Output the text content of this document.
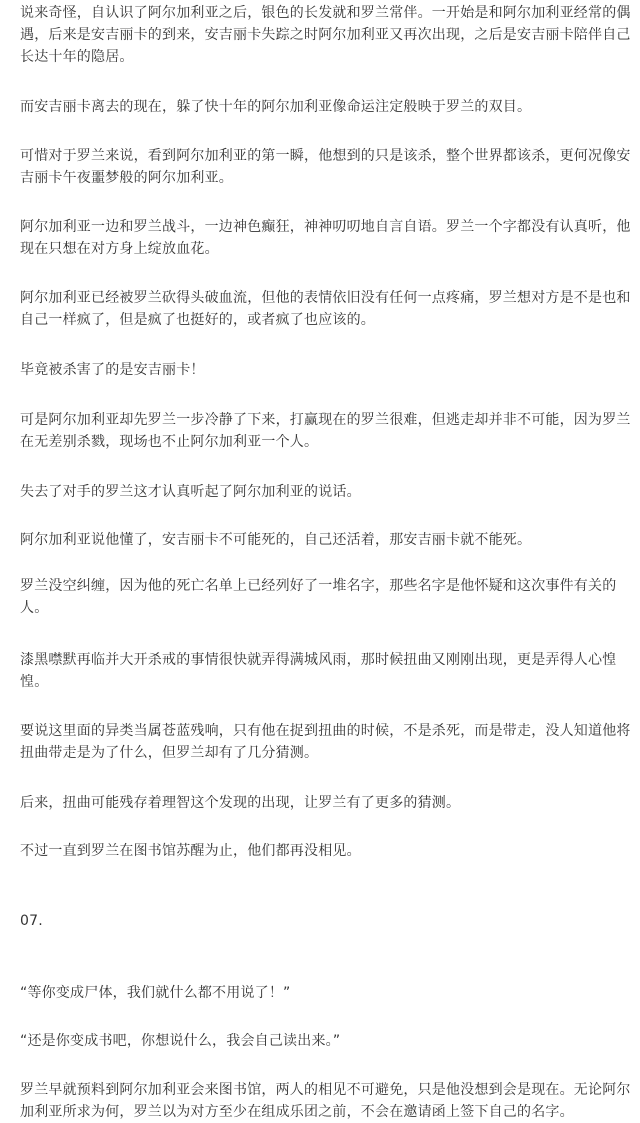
说来奇怪，自认识了阿尔加利亚之后，银色的长发就和罗兰常伴。一开始是和阿尔加利亚经常的偶遇，后来是安吉丽卡的到来，安吉丽卡失踪之时阿尔加利亚又再次出现，之后是安吉丽卡陪伴自己长达十年的隐居。

而安吉丽卡离去的现在，躲了快十年的阿尔加利亚像命运注定般映于罗兰的双目。

可惜对于罗兰来说，看到阿尔加利亚的第一瞬，他想到的只是该杀，整个世界都该杀，更何况像安吉丽卡午夜噩梦般的阿尔加利亚。

阿尔加利亚一边和罗兰战斗，一边神色癫狂，神神叨叨地自言自语。罗兰一个字都没有认真听，他现在只想在对方身上绽放血花。

阿尔加利亚已经被罗兰砍得头破血流，但他的表情依旧没有任何一点疼痛，罗兰想对方是不是也和自己一样疯了，但是疯了也挺好的，或者疯了也应该的。

毕竟被杀害了的是安吉丽卡！

可是阿尔加利亚却先罗兰一步冷静了下来，打赢现在的罗兰很难，但逃走却并非不可能，因为罗兰在无差别杀戮，现场也不止阿尔加利亚一个人。

失去了对手的罗兰这才认真听起了阿尔加利亚的说话。

阿尔加利亚说他懂了，安吉丽卡不可能死的，自己还活着，那安吉丽卡就不能死。

罗兰没空纠缠，因为他的死亡名单上已经列好了一堆名字，那些名字是他怀疑和这次事件有关的人。

漆黑噤默再临并大开杀戒的事情很快就弄得满城风雨，那时候扭曲又刚刚出现，更是弄得人心惶惶。

要说这里面的异类当属苍蓝残响，只有他在捉到扭曲的时候，不是杀死，而是带走，没人知道他将扭曲带走是为了什么，但罗兰却有了几分猜测。

后来，扭曲可能残存着理智这个发现的出现，让罗兰有了更多的猜测。

不过一直到罗兰在图书馆苏醒为止，他们都再没相见。

07.

“等你变成尸体，我们就什么都不用说了！”

“还是你变成书吧，你想说什么，我会自己读出来。”

罗兰早就预料到阿尔加利亚会来图书馆，两人的相见不可避免，只是他没想到会是现在。无论阿尔加利亚所求为何，罗兰以为对方至少在组成乐团之前，不会在邀请函上签下自己的名字。
